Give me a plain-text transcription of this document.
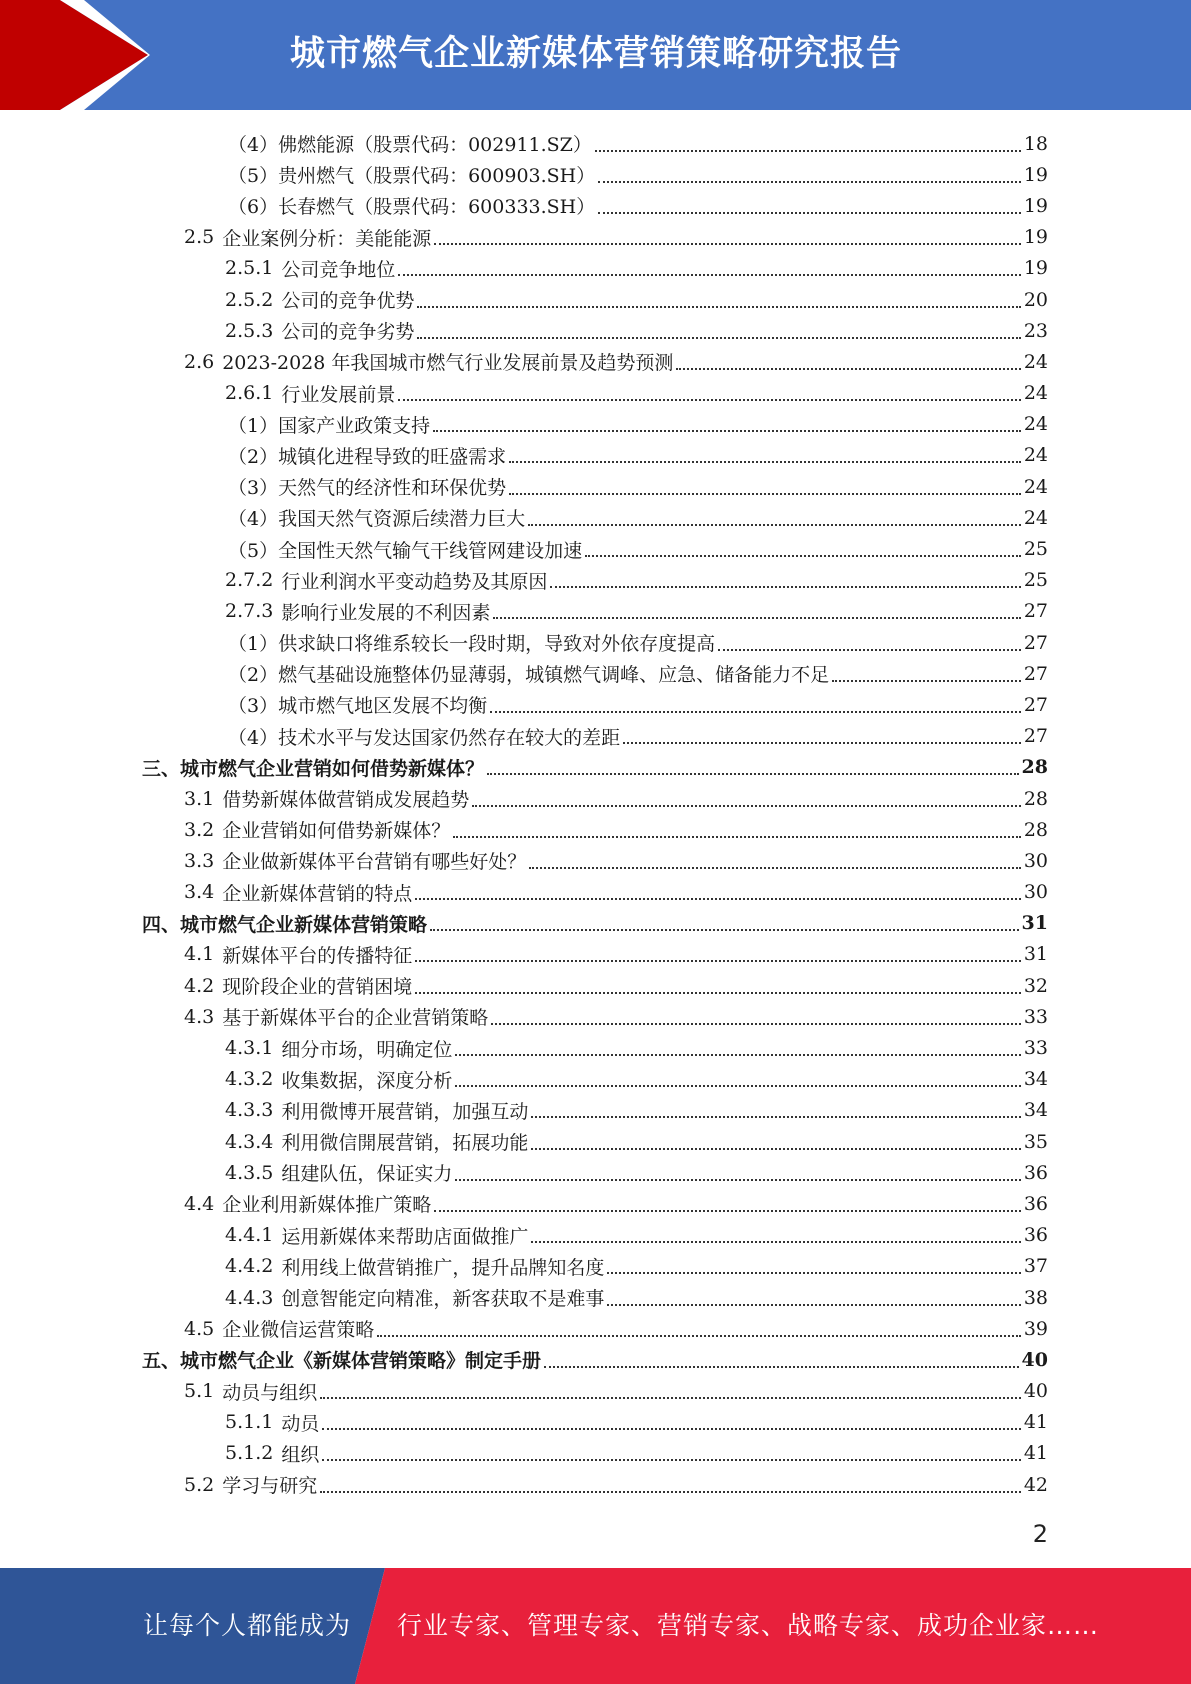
城市燃气企业新媒体营销策略研究报告
（4）佛燃能源（股票代码：002911.SZ）	18
（5）贵州燃气（股票代码：600903.SH）	19
（6）长春燃气（股票代码：600333.SH）	19
2.5 企业案例分析：美能能源	19
2.5.1 公司竞争地位	19
2.5.2 公司的竞争优势	20
2.5.3 公司的竞争劣势	23
2.6 2023-2028 年我国城市燃气行业发展前景及趋势预测	24
2.6.1 行业发展前景	24
（1）国家产业政策支持	24
（2）城镇化进程导致的旺盛需求	24
（3）天然气的经济性和环保优势	24
（4）我国天然气资源后续潜力巨大	24
（5）全国性天然气输气干线管网建设加速	25
2.7.2 行业利润水平变动趋势及其原因	25
2.7.3 影响行业发展的不利因素	27
（1）供求缺口将维系较长一段时期，导致对外依存度提高	27
（2）燃气基础设施整体仍显薄弱，城镇燃气调峰、应急、储备能力不足	27
（3）城市燃气地区发展不均衡	27
（4）技术水平与发达国家仍然存在较大的差距	27
三、城市燃气企业营销如何借势新媒体？	28
3.1 借势新媒体做营销成发展趋势	28
3.2 企业营销如何借势新媒体？	28
3.3 企业做新媒体平台营销有哪些好处？	30
3.4 企业新媒体营销的特点	30
四、城市燃气企业新媒体营销策略	31
4.1 新媒体平台的传播特征	31
4.2 现阶段企业的营销困境	32
4.3 基于新媒体平台的企业营销策略	33
4.3.1 细分市场，明确定位	33
4.3.2 收集数据，深度分析	34
4.3.3 利用微博开展营销，加强互动	34
4.3.4 利用微信開展营销，拓展功能	35
4.3.5 组建队伍，保证实力	36
4.4 企业利用新媒体推广策略	36
4.4.1 运用新媒体来帮助店面做推广	36
4.4.2 利用线上做营销推广，提升品牌知名度	37
4.4.3 创意智能定向精准，新客获取不是难事	38
4.5 企业微信运营策略	39
五、城市燃气企业《新媒体营销策略》制定手册	40
5.1 动员与组织	40
5.1.1 动员	41
5.1.2 组织	41
5.2 学习与研究	42
2
让每个人都能成为 行业专家、管理专家、营销专家、战略专家、成功企业家……
